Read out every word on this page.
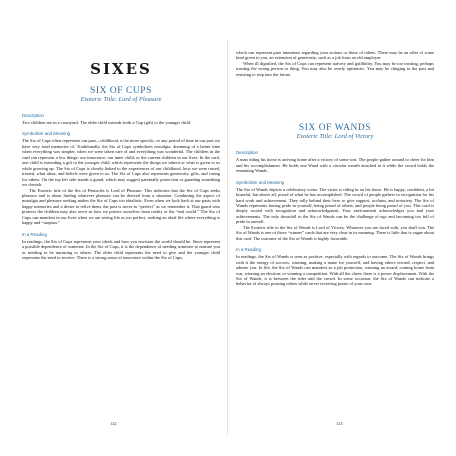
SIXES
SIX OF CUPS
Esoteric Title: Lord of Pleasure
Description

Two children are in a courtyard. The older child extends forth a Cup (gift) to the younger child.

Symbolism and Meaning

The Six of Cups often represents our past—childhood, to be more specific, or any period of time in our past we have very fond memories of. Traditionally, the Six of Cups symbolizes nostalgia, dreaming of a better time when everything was simpler, when we were taken care of and everything was wonderful. The children in the card can represent a few things: our innocence, our inner child, or the current children in our lives. In the card, one child is extending a gift to the younger child, which represents the things we inherit or what is given to us while growing up. The Six of Cups is closely linked to the experiences of our childhood, how we were raised, treated, what ideas, and beliefs were given to us. The Six of Cups also represents generosity, gifts, and caring for others. On the top left side stands a guard, which may suggest parentally protection or guarding something we cherish.

The Esoteric title of the Six of Pentacles is Lord of Pleasure. This indicates that the Six of Cups seeks pleasure and is about finding whatever pleasure can be derived from a situation. Combining the aspect of nostalgia and pleasure seeking makes the Six of Cups too idealistic. Even when we look back at our pasts with happy memories and a desire to relive them, the past is never as “perfect” as we remember it. That guard who protects the children may also serve as how we protect ourselves from reality or the “real world.” The Six of Cups can manifest in our lives when we are seeing life as too perfect, seeking an ideal life where everything is happy and “utopian.”

In a Reading

In readings, the Six of Cups represents your ideals and how you envision the world should be. Since represent a possible dependence of someone. In the Six of Cups, it is the dependence of needing someone to nurture you or needing to be nurturing to others. The older child represents the need to give and the younger child represents the need to receive. There is a strong sense of innocence within the Six of Cups,

122

which can represent pure intentions regarding your actions or those of others. There may be an offer of some kind given to you, an extension of generosity, such as a job from an old employer.

When ill dignified, the Six of Cups can represent naivety and gullibility. You may be too trusting, perhaps trusting the wrong person or thing. You may also be overly optimistic. You may be clinging to the past and resisting to step into the future.

SIX OF WANDS
Esoteric Title: Lord of Victory
Description

A man riding his horse is arriving home after a victory of some sort. The people gather around to cheer for him and his accomplishment. He holds one Wand with a circular wreath attached to it while the crowd holds the remaining Wands.

Symbolism and Meaning

The Six of Wands depicts a celebratory scene. The victor is riding in on his horse. He is happy, confident, a bit boastful, but above all, proud of what he has accomplished. The crowd of people gathers in recognition for his hard work and achievement. They rally behind their hero to give support, acclaim, and notoriety. The Six of Wands represents having pride in yourself, being proud of others, and people being proud of you. This card is deeply rooted with recognition and acknowledgment. Your environment acknowledges you and your achievements. The only downfall to the Six of Wands can be the challenge of ego and becoming too full of pride in oneself.

The Esoteric title to the Six of Wands is Lord of Victory. Whatever you are faced with, you shall win. The Six of Wands is one of those “winner” cards that are very clear in its meaning. There is little that is vague about this card. The outcome of the Six of Wands is highly favorable.

In a Reading

In readings, the Six of Wands is seen as positive, especially with regards to outcome. The Six of Wands brings with it the energy of success, winning, making a name for yourself, and having others reward, respect, and admire you. In life, the Six of Wands can manifest as a job promotion, winning an award, coming home from war, winning an election, or winning a competition. With all the cheer, there is a power displacement. With the Six of Wands, it is between the rider and the crowd. In some occasion, the Six of Wands can indicate a behavior of always praising others while never receiving praise of your own.

123
